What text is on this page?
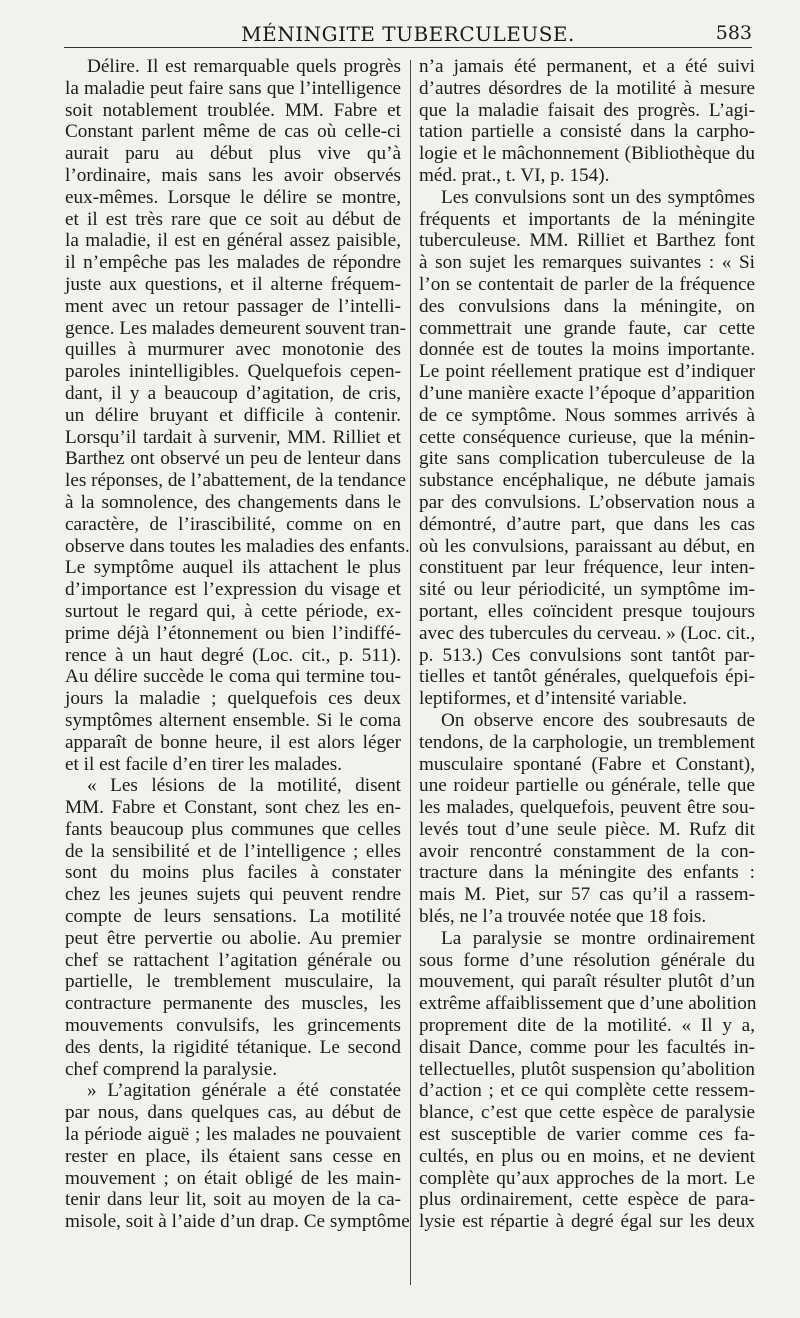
MÉNINGITE TUBERCULEUSE.	583
Délire. Il est remarquable quels progrès
la maladie peut faire sans que l’intelligence
soit notablement troublée. MM. Fabre et
Constant parlent même de cas où celle-ci
aurait paru au début plus vive qu’à
l’ordinaire, mais sans les avoir observés
eux-mêmes. Lorsque le délire se montre,
et il est très rare que ce soit au début de
la maladie, il est en général assez paisible,
il n’empêche pas les malades de répondre
juste aux questions, et il alterne fréquem-
ment avec un retour passager de l’intelli-
gence. Les malades demeurent souvent tran-
quilles à murmurer avec monotonie des
paroles inintelligibles. Quelquefois cepen-
dant, il y a beaucoup d’agitation, de cris,
un délire bruyant et difficile à contenir.
Lorsqu’il tardait à survenir, MM. Rilliet et
Barthez ont observé un peu de lenteur dans
les réponses, de l’abattement, de la tendance
à la somnolence, des changements dans le
caractère, de l’irascibilité, comme on en
observe dans toutes les maladies des enfants.
Le symptôme auquel ils attachent le plus
d’importance est l’expression du visage et
surtout le regard qui, à cette période, ex-
prime déjà l’étonnement ou bien l’indiffé-
rence à un haut degré (Loc. cit., p. 511).
Au délire succède le coma qui termine tou-
jours la maladie ; quelquefois ces deux
symptômes alternent ensemble. Si le coma
apparaît de bonne heure, il est alors léger
et il est facile d’en tirer les malades.
« Les lésions de la motilité, disent
MM. Fabre et Constant, sont chez les en-
fants beaucoup plus communes que celles
de la sensibilité et de l’intelligence ; elles
sont du moins plus faciles à constater
chez les jeunes sujets qui peuvent rendre
compte de leurs sensations. La motilité
peut être pervertie ou abolie. Au premier
chef se rattachent l’agitation générale ou
partielle, le tremblement musculaire, la
contracture permanente des muscles, les
mouvements convulsifs, les grincements
des dents, la rigidité tétanique. Le second
chef comprend la paralysie.
» L’agitation générale a été constatée
par nous, dans quelques cas, au début de
la période aiguë ; les malades ne pouvaient
rester en place, ils étaient sans cesse en
mouvement ; on était obligé de les main-
tenir dans leur lit, soit au moyen de la ca-
misole, soit à l’aide d’un drap. Ce symptôme
n’a jamais été permanent, et a été suivi
d’autres désordres de la motilité à mesure
que la maladie faisait des progrès. L’agi-
tation partielle a consisté dans la carpho-
logie et le mâchonnement (Bibliothèque du
méd. prat., t. VI, p. 154).
Les convulsions sont un des symptômes
fréquents et importants de la méningite
tuberculeuse. MM. Rilliet et Barthez font
à son sujet les remarques suivantes : « Si
l’on se contentait de parler de la fréquence
des convulsions dans la méningite, on
commettrait une grande faute, car cette
donnée est de toutes la moins importante.
Le point réellement pratique est d’indiquer
d’une manière exacte l’époque d’apparition
de ce symptôme. Nous sommes arrivés à
cette conséquence curieuse, que la ménin-
gite sans complication tuberculeuse de la
substance encéphalique, ne débute jamais
par des convulsions. L’observation nous a
démontré, d’autre part, que dans les cas
où les convulsions, paraissant au début, en
constituent par leur fréquence, leur inten-
sité ou leur périodicité, un symptôme im-
portant, elles coïncident presque toujours
avec des tubercules du cerveau. » (Loc. cit.,
p. 513.) Ces convulsions sont tantôt par-
tielles et tantôt générales, quelquefois épi-
leptiformes, et d’intensité variable.
On observe encore des soubresauts de
tendons, de la carphologie, un tremblement
musculaire spontané (Fabre et Constant),
une roideur partielle ou générale, telle que
les malades, quelquefois, peuvent être sou-
levés tout d’une seule pièce. M. Rufz dit
avoir rencontré constamment de la con-
tracture dans la méningite des enfants :
mais M. Piet, sur 57 cas qu’il a rassem-
blés, ne l’a trouvée notée que 18 fois.
La paralysie se montre ordinairement
sous forme d’une résolution générale du
mouvement, qui paraît résulter plutôt d’un
extrême affaiblissement que d’une abolition
proprement dite de la motilité. « Il y a,
disait Dance, comme pour les facultés in-
tellectuelles, plutôt suspension qu’abolition
d’action ; et ce qui complète cette ressem-
blance, c’est que cette espèce de paralysie
est susceptible de varier comme ces fa-
cultés, en plus ou en moins, et ne devient
complète qu’aux approches de la mort. Le
plus ordinairement, cette espèce de para-
lysie est répartie à degré égal sur les deux
